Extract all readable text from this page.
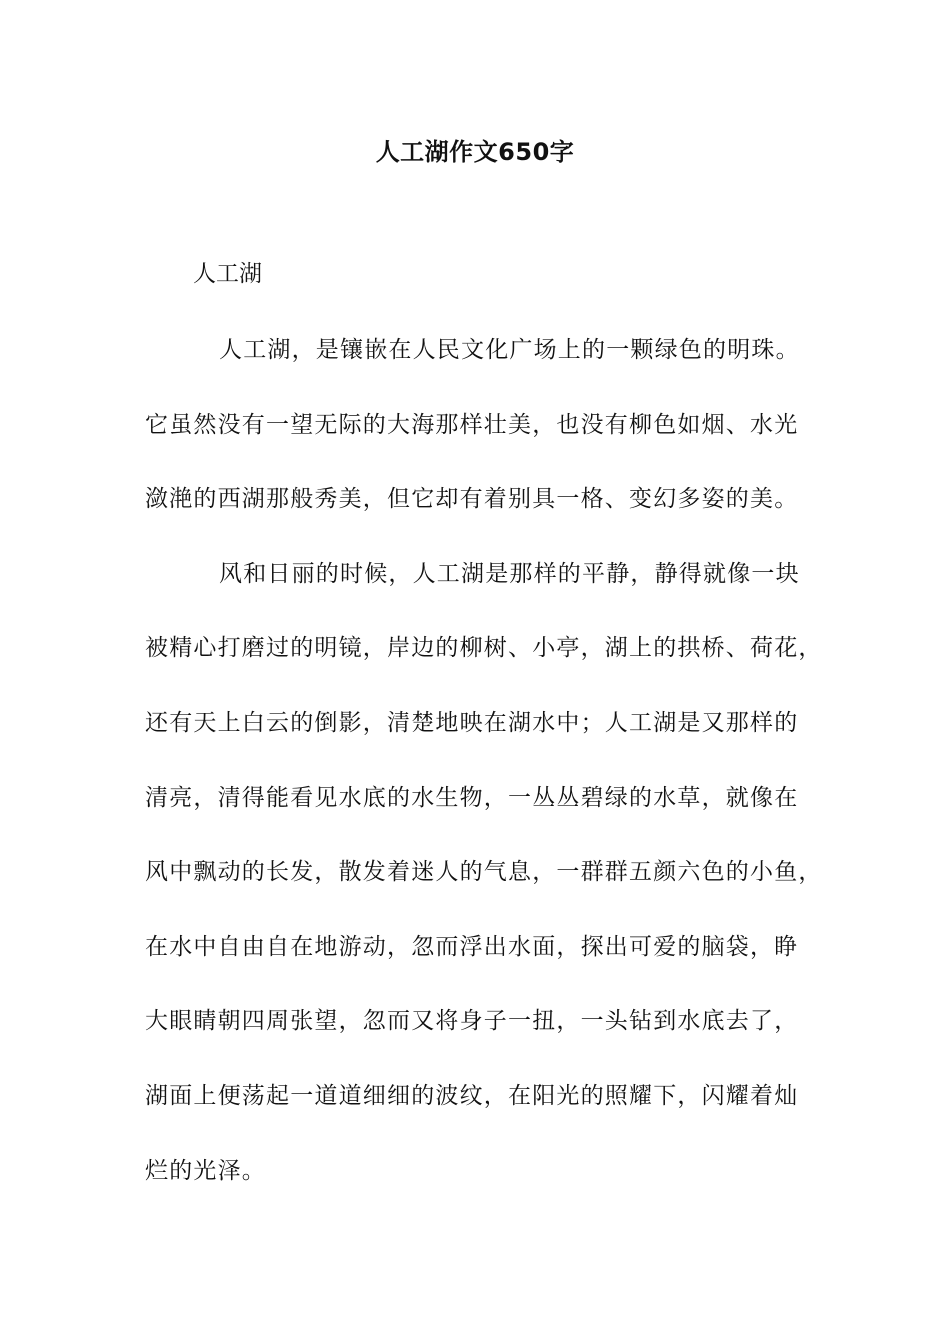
人工湖作文650字
人工湖
人工湖，是镶嵌在人民文化广场上的一颗绿色的明珠。
它虽然没有一望无际的大海那样壮美，也没有柳色如烟、水光
潋滟的西湖那般秀美，但它却有着别具一格、变幻多姿的美。
风和日丽的时候，人工湖是那样的平静，静得就像一块
被精心打磨过的明镜，岸边的柳树、小亭，湖上的拱桥、荷花，
还有天上白云的倒影，清楚地映在湖水中；人工湖是又那样的
清亮，清得能看见水底的水生物，一丛丛碧绿的水草，就像在
风中飘动的长发，散发着迷人的气息，一群群五颜六色的小鱼，
在水中自由自在地游动，忽而浮出水面，探出可爱的脑袋，睁
大眼睛朝四周张望，忽而又将身子一扭，一头钻到水底去了，
湖面上便荡起一道道细细的波纹，在阳光的照耀下，闪耀着灿
烂的光泽。
